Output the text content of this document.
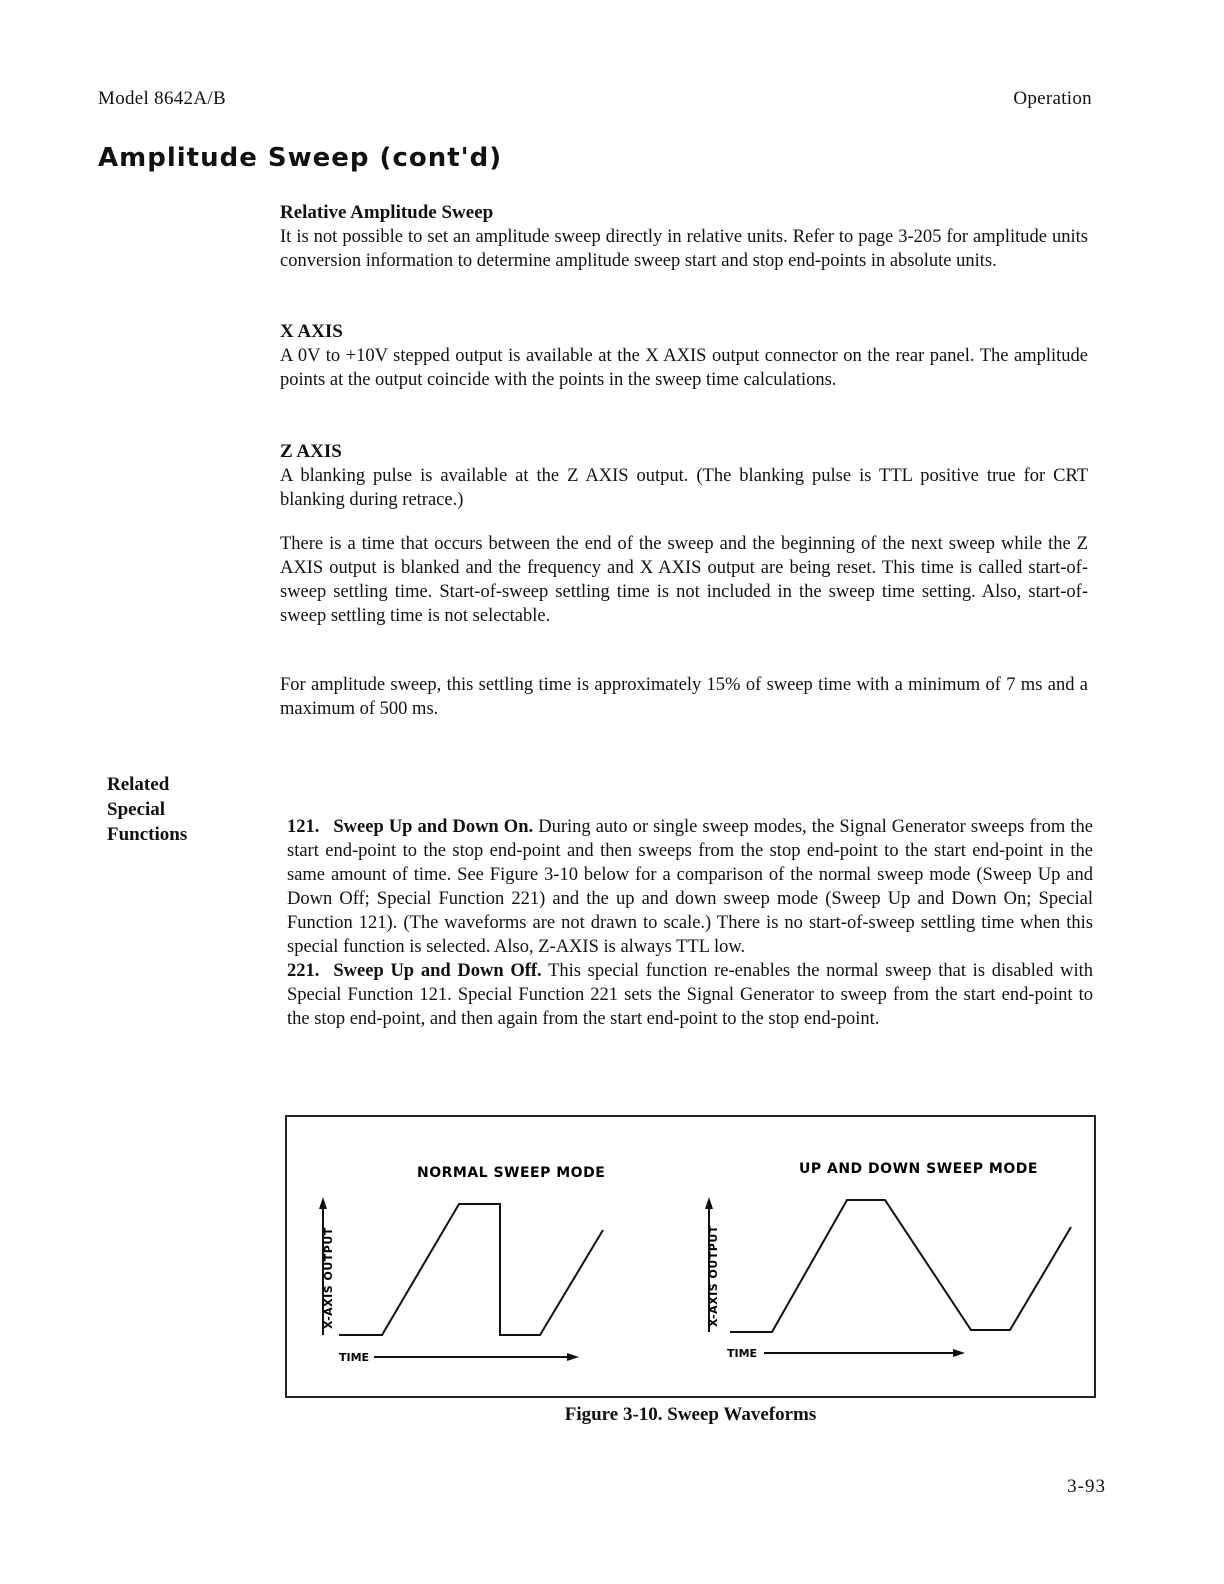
Model 8642A/B	Operation
Amplitude Sweep (cont'd)
Relative Amplitude Sweep

It is not possible to set an amplitude sweep directly in relative units. Refer to page 3-205 for amplitude units conversion information to determine amplitude sweep start and stop end-points in absolute units.

X AXIS

A 0V to +10V stepped output is available at the X AXIS output connector on the rear panel. The amplitude points at the output coincide with the points in the sweep time calculations.

Z AXIS

A blanking pulse is available at the Z AXIS output. (The blanking pulse is TTL positive true for CRT blanking during retrace.)

There is a time that occurs between the end of the sweep and the beginning of the next sweep while the Z AXIS output is blanked and the frequency and X AXIS output are being reset. This time is called start-of-sweep settling time. Start-of-sweep settling time is not included in the sweep time setting. Also, start-of-sweep settling time is not selectable.

For amplitude sweep, this settling time is approximately 15% of sweep time with a minimum of 7 ms and a maximum of 500 ms.

Related
Special
Functions	121. Sweep Up and Down On. During auto or single sweep modes, the Signal Generator sweeps from the start end-point to the stop end-point and then sweeps from the stop end-point to the start end-point in the same amount of time. See Figure 3-10 below for a comparison of the normal sweep mode (Sweep Up and Down Off; Special Function 221) and the up and down sweep mode (Sweep Up and Down On; Special Function 121). (The waveforms are not drawn to scale.) There is no start-of-sweep settling time when this special function is selected. Also, Z-AXIS is always TTL low.

221. Sweep Up and Down Off. This special function re-enables the normal sweep that is disabled with Special Function 121. Special Function 221 sets the Signal Generator to sweep from the start end-point to the stop end-point, and then again from the start end-point to the stop end-point.

NORMAL SWEEP MODE	UP AND DOWN SWEEP MODE
X-AXIS OUTPUT
TIME
X-AXIS OUTPUT
TIME
Figure 3-10. Sweep Waveforms
3-93
